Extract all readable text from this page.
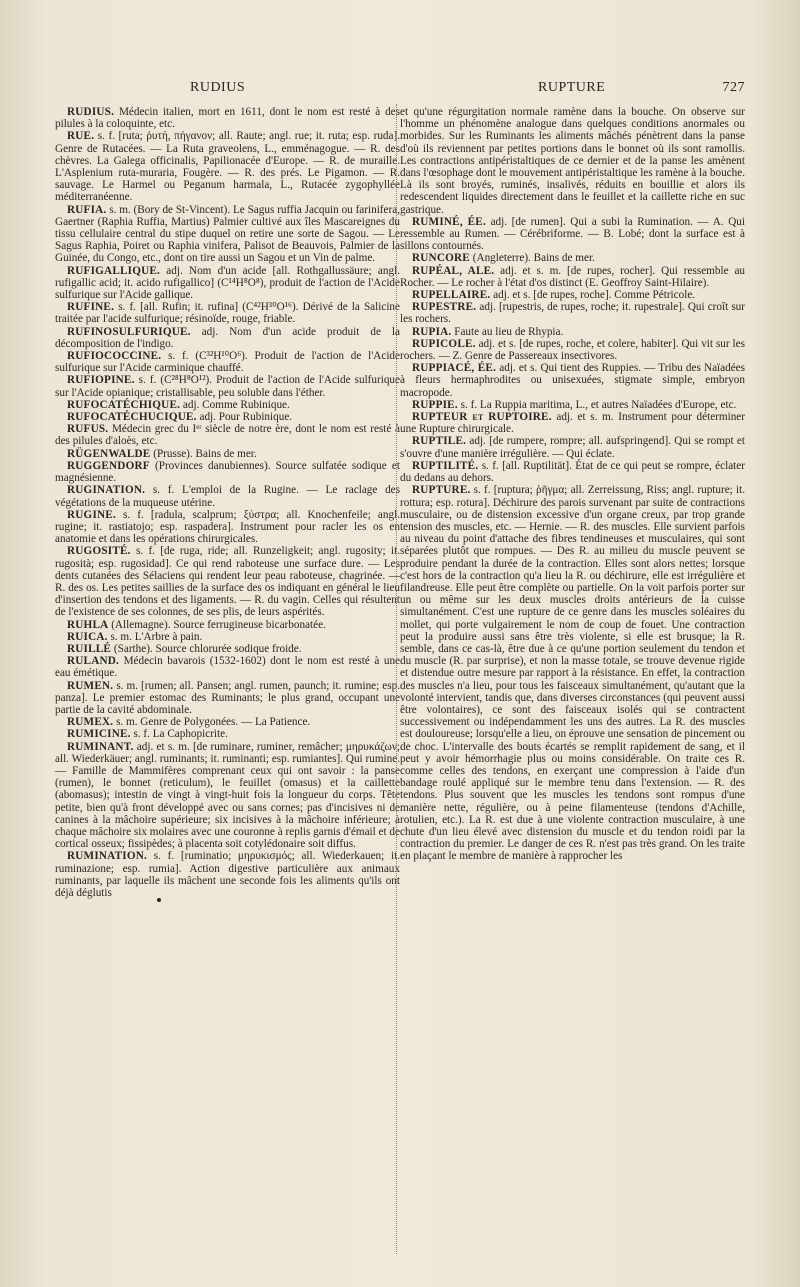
RUDIUS	RUPTURE	727

RUDIUS. Médecin italien, mort en 1611, dont le nom est resté à des pilules à la coloquinte, etc.

RUE. s. f. [ruta; ῥυτή, πήγανον; all. Raute; angl. rue; it. ruta; esp. ruda]. Genre de Rutacées. — La Ruta graveolens, L., emménagogue. — R. des chèvres. La Galega officinalis, Papilionacée d'Europe. — R. de muraille. L'Asplenium ruta-muraria, Fougère. — R. des prés. Le Pigamon. — R. sauvage. Le Harmel ou Peganum harmala, L., Rutacée zygophyllée méditerranéenne.

RUFIA. s. m. (Bory de St-Vincent). Le Sagus ruffia Jacquin ou farinifera, Gaertner (Raphia Ruffia, Martius) Palmier cultivé aux îles Mascareignes du tissu cellulaire central du stipe duquel on retire une sorte de Sagou. — Le Sagus Raphia, Poiret ou Raphia vinifera, Palisot de Beauvois, Palmier de la Guinée, du Congo, etc., dont on tire aussi un Sagou et un Vin de palme.

RUFIGALLIQUE. adj. Nom d'un acide [all. Rothgallussäure; angl. rufigallic acid; it. acido rufigallico] (C¹⁴H⁸O⁸), produit de l'action de l'Acide sulfurique sur l'Acide gallique.

RUFINE. s. f. [all. Rufin; it. rufina] (C⁴²H³⁰O¹⁶). Dérivé de la Salicine traitée par l'acide sulfurique; résinoïde, rouge, friable.

RUFINOSULFURIQUE. adj. Nom d'un acide produit de la décomposition de l'indigo.

RUFIOCOCCINE. s. f. (C³²H¹⁰O⁶). Produit de l'action de l'Acide sulfurique sur l'Acide carminique chauffé.

RUFIOPINE. s. f. (C²⁸H⁸O¹²). Produit de l'action de l'Acide sulfurique sur l'Acide opianique; cristallisable, peu soluble dans l'éther.

RUFOCATÉCHIQUE. adj. Comme Rubinique.

RUFOCATÉCHUCIQUE. adj. Pour Rubinique.

RUFUS. Médecin grec du Iᵉʳ siècle de notre ère, dont le nom est resté à des pilules d'aloès, etc.

RÜGENWALDE (Prusse). Bains de mer.

RUGGENDORF (Provinces danubiennes). Source sulfatée sodique et magnésienne.

RUGINATION. s. f. L'emploi de la Rugine. — Le raclage des végétations de la muqueuse utérine.

RUGINE. s. f. [radula, scalprum; ξύστρα; all. Knochenfeile; angl. rugine; it. rastiatojo; esp. raspadera]. Instrument pour racler les os en anatomie et dans les opérations chirurgicales.

RUGOSITÉ. s. f. [de ruga, ride; all. Runzeligkeit; angl. rugosity; it. rugosità; esp. rugosidad]. Ce qui rend raboteuse une surface dure. — Les dents cutanées des Sélaciens qui rendent leur peau raboteuse, chagrinée. — R. des os. Les petites saillies de la surface des os indiquant en général le lieu d'insertion des tendons et des ligaments. — R. du vagin. Celles qui résultent de l'existence de ses colonnes, de ses plis, de leurs aspérités.

RUHLA (Allemagne). Source ferrugineuse bicarbonatée.

RUICA. s. m. L'Arbre à pain.

RUILLÉ (Sarthe). Source chlorurée sodique froide.

RULAND. Médecin bavarois (1532-1602) dont le nom est resté à une eau émétique.

RUMEN. s. m. [rumen; all. Pansen; angl. rumen, paunch; it. rumine; esp. panza]. Le premier estomac des Ruminants; le plus grand, occupant une partie de la cavité abdominale.

RUMEX. s. m. Genre de Polygonées. — La Patience.

RUMICINE. s. f. La Caphopicrite.

RUMINANT. adj. et s. m. [de ruminare, ruminer, remâcher; μηρυκάζων; all. Wiederkäuer; angl. ruminants; it. ruminanti; esp. rumiantes]. Qui rumine. — Famille de Mammifères comprenant ceux qui ont savoir : la panse (rumen), le bonnet (reticulum), le feuillet (omasus) et la caillette (abomasus); intestin de vingt à vingt-huit fois la longueur du corps. Tête petite, bien qu'à front développé avec ou sans cornes; pas d'incisives ni de canines à la mâchoire supérieure; six incisives à la mâchoire inférieure; à chaque mâchoire six molaires avec une couronne à replis garnis d'émail et de cortical osseux; fissipèdes; à placenta soit cotylédonaire soit diffus.

RUMINATION. s. f. [ruminatio; μηρυκισμός; all. Wiederkauen; it. ruminazione; esp. rumia]. Action digestive particulière aux animaux ruminants, par laquelle ils mâchent une seconde fois les aliments qu'ils ont déjà déglutis

et qu'une régurgitation normale ramène dans la bouche. On observe sur l'homme un phénomène analogue dans quelques conditions anormales ou morbides. Sur les Ruminants les aliments mâchés pénètrent dans la panse d'où ils reviennent par petites portions dans le bonnet où ils sont ramollis. Les contractions antipéristaltiques de ce dernier et de la panse les amènent dans l'œsophage dont le mouvement antipéristaltique les ramène à la bouche. Là ils sont broyés, ruminés, insalivés, réduits en bouillie et alors ils redescendent liquides directement dans le feuillet et la caillette riche en suc gastrique.

RUMINÉ, ÉE. adj. [de rumen]. Qui a subi la Rumination. — A. Qui ressemble au Rumen. — Cérébriforme. — B. Lobé; dont la surface est à sillons contournés.

RUNCORE (Angleterre). Bains de mer.

RUPÉAL, ALE. adj. et s. m. [de rupes, rocher]. Qui ressemble au Rocher. — Le rocher à l'état d'os distinct (E. Geoffroy Saint-Hilaire).

RUPELLAIRE. adj. et s. [de rupes, roche]. Comme Pétricole.

RUPESTRE. adj. [rupestris, de rupes, roche; it. rupestrale]. Qui croît sur les rochers.

RUPIA. Faute au lieu de Rhypia.

RUPICOLE. adj. et s. [de rupes, roche, et colere, habiter]. Qui vit sur les rochers. — Z. Genre de Passereaux insectivores.

RUPPIACÉ, ÉE. adj. et s. Qui tient des Ruppies. — Tribu des Naïadées à fleurs hermaphrodites ou unisexuées, stigmate simple, embryon macropode.

RUPPIE. s. f. La Ruppia maritima, L., et autres Naïadées d'Europe, etc.

RUPTEUR et RUPTOIRE. adj. et s. m. Instrument pour déterminer une Rupture chirurgicale.

RUPTILE. adj. [de rumpere, rompre; all. aufspringend]. Qui se rompt et s'ouvre d'une manière irrégulière. — Qui éclate.

RUPTILITÉ. s. f. [all. Ruptilität]. État de ce qui peut se rompre, éclater du dedans au dehors.

RUPTURE. s. f. [ruptura; ῥῆγμα; all. Zerreissung, Riss; angl. rupture; it. rottura; esp. rotura]. Déchirure des parois survenant par suite de contractions musculaire, ou de distension excessive d'un organe creux, par trop grande tension des muscles, etc. — Hernie. — R. des muscles. Elle survient parfois au niveau du point d'attache des fibres tendineuses et musculaires, qui sont séparées plutôt que rompues. — Des R. au milieu du muscle peuvent se produire pendant la durée de la contraction. Elles sont alors nettes; lorsque c'est hors de la contraction qu'a lieu la R. ou déchirure, elle est irrégulière et filandreuse. Elle peut être complète ou partielle. On la voit parfois porter sur un ou même sur les deux muscles droits antérieurs de la cuisse simultanément. C'est une rupture de ce genre dans les muscles soléaires du mollet, qui porte vulgairement le nom de coup de fouet. Une contraction peut la produire aussi sans être très violente, si elle est brusque; la R. semble, dans ce cas-là, être due à ce qu'une portion seulement du tendon et du muscle (R. par surprise), et non la masse totale, se trouve devenue rigide et distendue outre mesure par rapport à la résistance. En effet, la contraction des muscles n'a lieu, pour tous les faisceaux simultanément, qu'autant que la volonté intervient, tandis que, dans diverses circonstances (qui peuvent aussi être volontaires), ce sont des faisceaux isolés qui se contractent successivement ou indépendamment les uns des autres. La R. des muscles est douloureuse; lorsqu'elle a lieu, on éprouve une sensation de pincement ou de choc. L'intervalle des bouts écartés se remplit rapidement de sang, et il peut y avoir hémorrhagie plus ou moins considérable. On traite ces R. comme celles des tendons, en exerçant une compression à l'aide d'un bandage roulé appliqué sur le membre tenu dans l'extension. — R. des tendons. Plus souvent que les muscles les tendons sont rompus d'une manière nette, régulière, ou à peine filamenteuse (tendons d'Achille, rotulien, etc.). La R. est due à une violente contraction musculaire, à une chute d'un lieu élevé avec distension du muscle et du tendon roidi par la contraction du premier. Le danger de ces R. n'est pas très grand. On les traite en plaçant le membre de manière à rapprocher les
